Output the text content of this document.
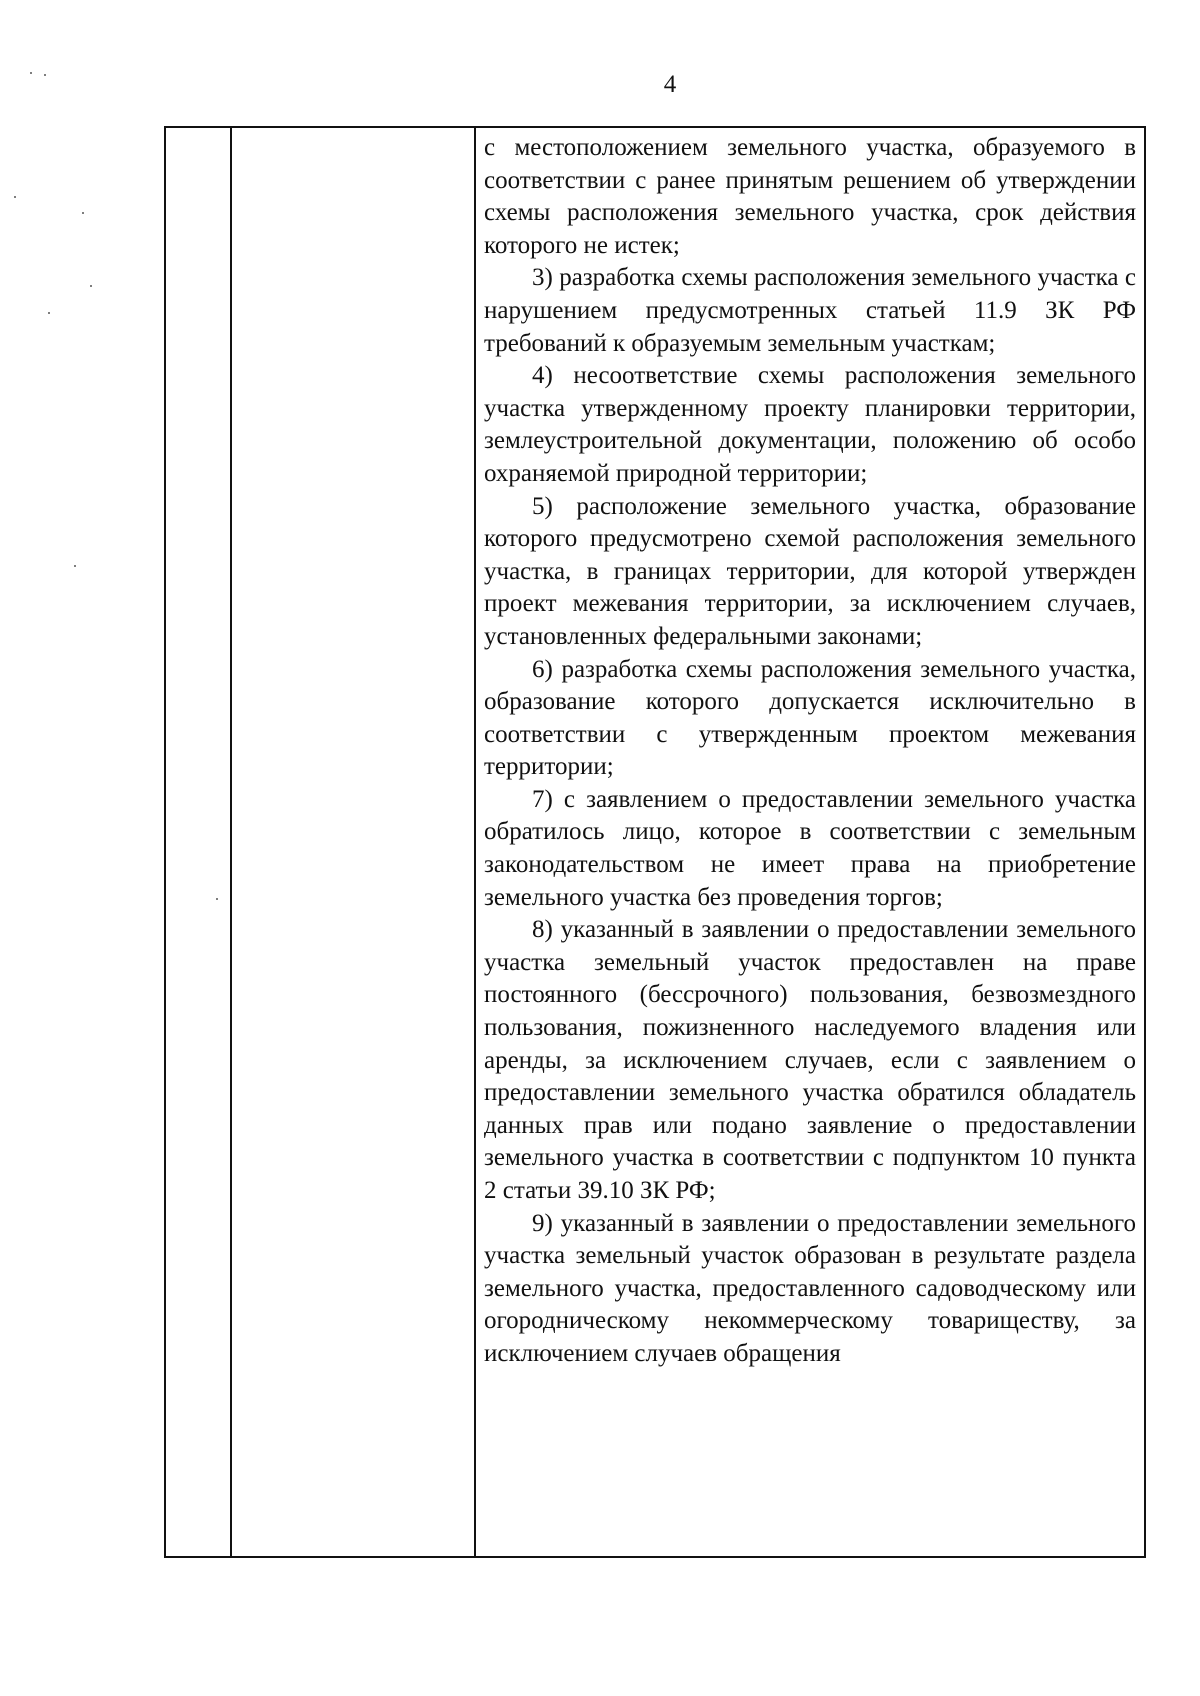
4

с местоположением земельного участка, образуемого в соответствии с ранее принятым решением об утверждении схемы расположения земельного участка, срок действия которого не истек;

3) разработка схемы расположения земельного участка с нарушением предусмотренных статьей 11.9 ЗК РФ требований к образуемым земельным участкам;

4) несоответствие схемы расположения земельного участка утвержденному проекту планировки территории, землеустроительной документации, положению об особо охраняемой природной территории;

5) расположение земельного участка, образование которого предусмотрено схемой расположения земельного участка, в границах территории, для которой утвержден проект межевания территории, за исключением случаев, установленных федеральными законами;

6) разработка схемы расположения земельного участка, образование которого допускается исключительно в соответствии с утвержденным проектом межевания территории;

7) с заявлением о предоставлении земельного участка обратилось лицо, которое в соответствии с земельным законодательством не имеет права на приобретение земельного участка без проведения торгов;

8) указанный в заявлении о предоставлении земельного участка земельный участок предоставлен на праве постоянного (бессрочного) пользования, безвозмездного пользования, пожизненного наследуемого владения или аренды, за исключением случаев, если с заявлением о предоставлении земельного участка обратился обладатель данных прав или подано заявление о предоставлении земельного участка в соответствии с подпунктом 10 пункта 2 статьи 39.10 ЗК РФ;

9) указанный в заявлении о предоставлении земельного участка земельный участок образован в результате раздела земельного участка, предоставленного садоводческому или огородническому некоммерческому товариществу, за исключением случаев обращения
